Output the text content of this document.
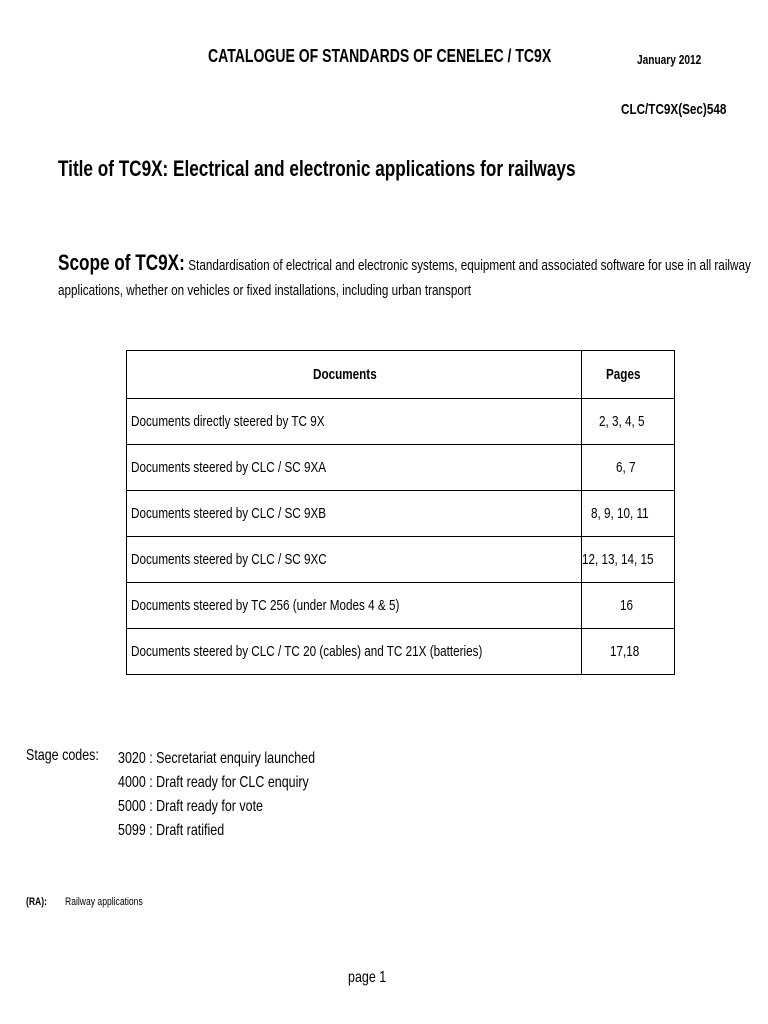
CATALOGUE OF STANDARDS OF CENELEC / TC9X	January 2012
CLC/TC9X(Sec)548
Title of TC9X: Electrical and electronic applications for railways
Scope of TC9X: Standardisation of electrical and electronic systems, equipment and associated software for use in all railway
applications, whether on vehicles or fixed installations, including urban transport
Documents	Pages

Documents directly steered by TC 9X	2, 3, 4, 5

Documents steered by CLC / SC 9XA	6, 7

Documents steered by CLC / SC 9XB	8, 9, 10, 11

Documents steered by CLC / SC 9XC	12, 13, 14, 15

Documents steered by TC 256 (under Modes 4 & 5)	16

Documents steered by CLC / TC 20 (cables) and TC 21X (batteries)	17,18
Stage codes:	3020 : Secretariat enquiry launched
4000 : Draft ready for CLC enquiry
5000 : Draft ready for vote
5099 : Draft ratified
(RA):	Railway applications
page 1
